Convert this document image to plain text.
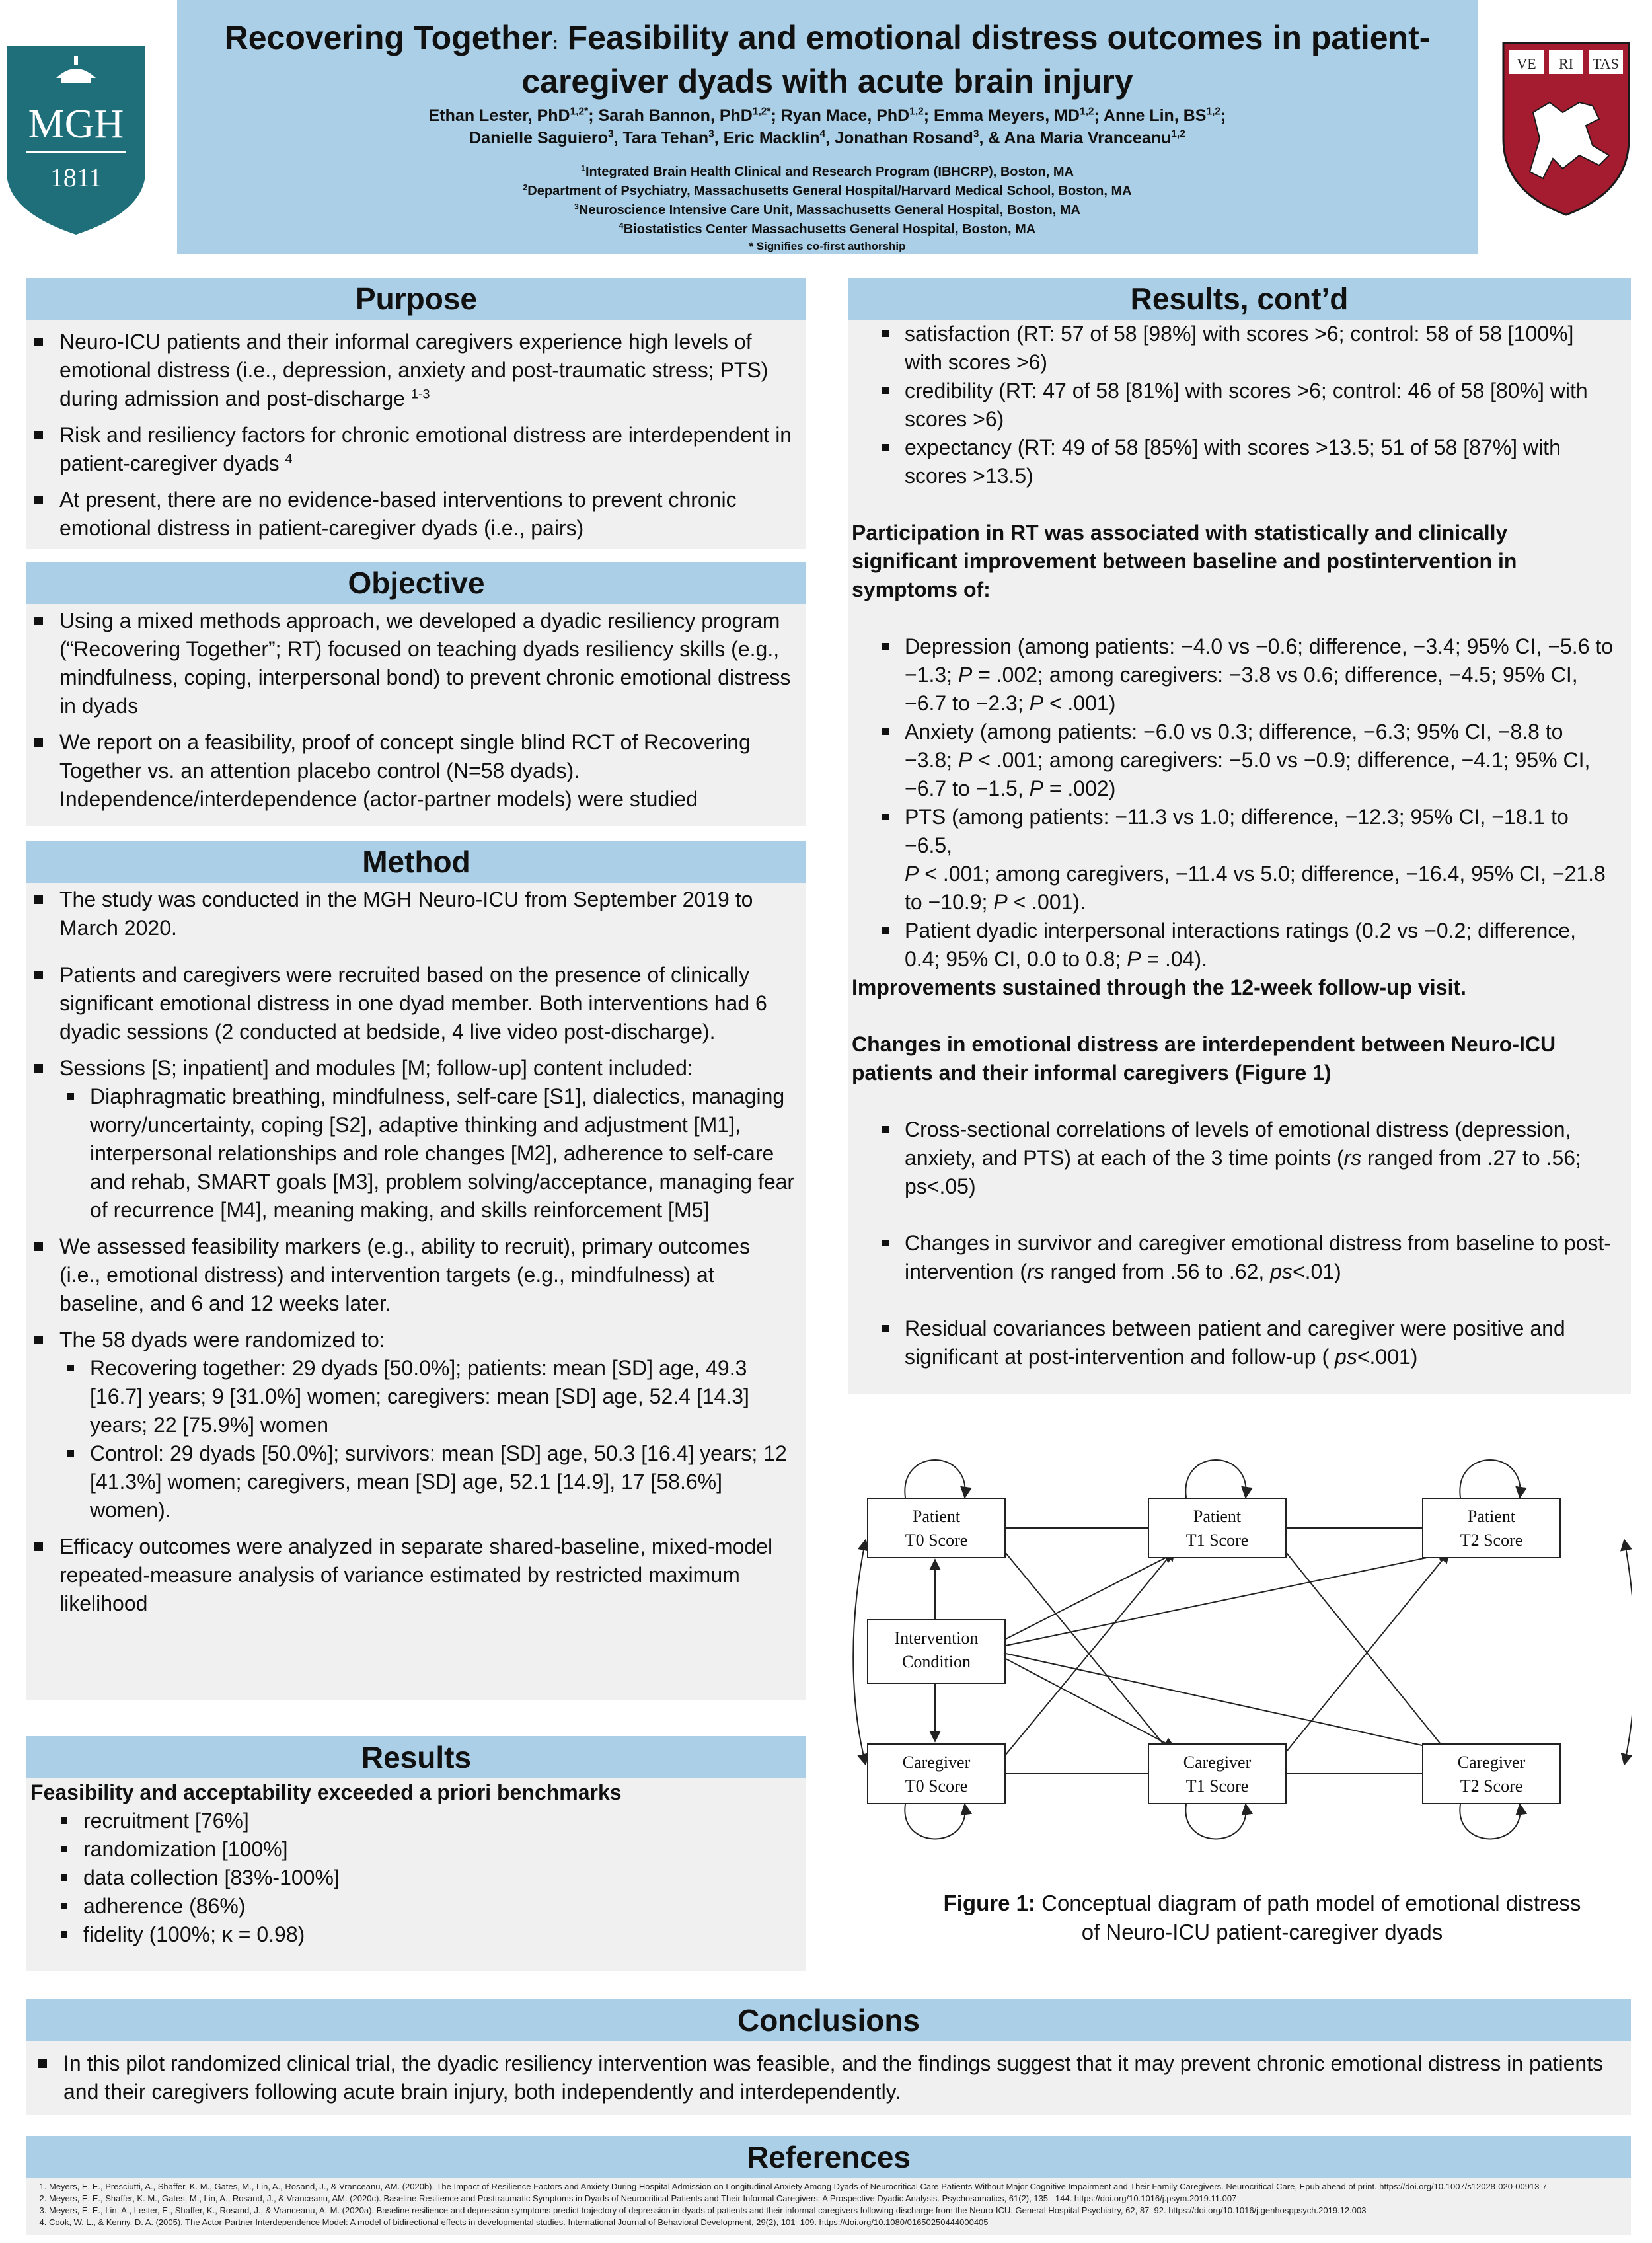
Recovering Together: Feasibility and emotional distress outcomes in patient-caregiver dyads with acute brain injury
Ethan Lester, PhD$^{1,2*}$; Sarah Bannon, PhD$^{1,2*}$; Ryan Mace, PhD$^{1,2}$; Emma Meyers, MD$^{1,2}$; Anne Lin, BS$^{1,2}$;
Danielle Saguiero$^3$, Tara Tehan$^3$, Eric Macklin$^4$, Jonathan Rosand$^3$, & Ana Maria Vranceanu$^{1,2}$
$^1$Integrated Brain Health Clinical and Research Program (IBHCRP), Boston, MA
$^2$Department of Psychiatry, Massachusetts General Hospital/Harvard Medical School, Boston, MA
$^3$Neuroscience Intensive Care Unit, Massachusetts General Hospital, Boston, MA
$^4$Biostatistics Center Massachusetts General Hospital, Boston, MA
* Signifies co-first authorship
MGH
1811
VE RI TAS
Purpose
Neuro-ICU patients and their informal caregivers experience high levels of emotional distress (i.e., depression, anxiety and post-traumatic stress; PTS) during admission and post-discharge $^{1-3}$
Risk and resiliency factors for chronic emotional distress are interdependent in patient-caregiver dyads $^4$
At present, there are no evidence-based interventions to prevent chronic emotional distress in patient-caregiver dyads (i.e., pairs)
Objective
Using a mixed methods approach, we developed a dyadic resiliency program (“Recovering Together”; RT) focused on teaching dyads resiliency skills (e.g., mindfulness, coping, interpersonal bond) to prevent chronic emotional distress in dyads
We report on a feasibility, proof of concept single blind RCT of Recovering Together vs. an attention placebo control (N=58 dyads). Independence/interdependence (actor-partner models) were studied
Method
The study was conducted in the MGH Neuro-ICU from September 2019 to March 2020.
Patients and caregivers were recruited based on the presence of clinically significant emotional distress in one dyad member. Both interventions had 6 dyadic sessions (2 conducted at bedside, 4 live video post-discharge).
Sessions [S; inpatient] and modules [M; follow-up] content included:
Diaphragmatic breathing, mindfulness, self-care [S1], dialectics, managing worry/uncertainty, coping [S2], adaptive thinking and adjustment [M1], interpersonal relationships and role changes [M2], adherence to self-care and rehab, SMART goals [M3], problem solving/acceptance, managing fear of recurrence [M4], meaning making, and skills reinforcement [M5]
We assessed feasibility markers (e.g., ability to recruit), primary outcomes (i.e., emotional distress) and intervention targets (e.g., mindfulness) at baseline, and 6 and 12 weeks later.
The 58 dyads were randomized to:
Recovering together: 29 dyads [50.0%]; patients: mean [SD] age, 49.3 [16.7] years; 9 [31.0%] women; caregivers: mean [SD] age, 52.4 [14.3] years; 22 [75.9%] women
Control: 29 dyads [50.0%]; survivors: mean [SD] age, 50.3 [16.4] years; 12 [41.3%] women; caregivers, mean [SD] age, 52.1 [14.9], 17 [58.6%] women).
Efficacy outcomes were analyzed in separate shared-baseline, mixed-model repeated-measure analysis of variance estimated by restricted maximum likelihood
Results
Feasibility and acceptability exceeded a priori benchmarks
recruitment [76%]
randomization [100%]
data collection [83%-100%]
adherence (86%)
fidelity (100%; κ = 0.98)
Results, cont’d
satisfaction (RT: 57 of 58 [98%] with scores >6; control: 58 of 58 [100%] with scores >6)
credibility (RT: 47 of 58 [81%] with scores >6; control: 46 of 58 [80%] with scores >6)
expectancy (RT: 49 of 58 [85%] with scores >13.5; 51 of 58 [87%] with scores >13.5)
Participation in RT was associated with statistically and clinically significant improvement between baseline and postintervention in symptoms of:
Depression (among patients: −4.0 vs −0.6; difference, −3.4; 95% CI, −5.6 to −1.3; P = .002; among caregivers: −3.8 vs 0.6; difference, −4.5; 95% CI, −6.7 to −2.3; P < .001)
Anxiety (among patients: −6.0 vs 0.3; difference, −6.3; 95% CI, −8.8 to −3.8; P < .001; among caregivers: −5.0 vs −0.9; difference, −4.1; 95% CI, −6.7 to −1.5, P = .002)
PTS (among patients: −11.3 vs 1.0; difference, −12.3; 95% CI, −18.1 to −6.5,
P < .001; among caregivers, −11.4 vs 5.0; difference, −16.4, 95% CI, −21.8 to −10.9; P < .001).
Patient dyadic interpersonal interactions ratings (0.2 vs −0.2; difference, 0.4; 95% CI, 0.0 to 0.8; P = .04).
Improvements sustained through the 12-week follow-up visit.
Changes in emotional distress are interdependent between Neuro-ICU patients and their informal caregivers (Figure 1)
Cross-sectional correlations of levels of emotional distress (depression, anxiety, and PTS) at each of the 3 time points (rs ranged from .27 to .56; ps<.05)
Changes in survivor and caregiver emotional distress from baseline to post-intervention (rs ranged from .56 to .62, ps<.01)
Residual covariances between patient and caregiver were positive and significant at post-intervention and follow-up ( ps<.001)
Patient
T0 Score
Patient
T1 Score
Patient
T2 Score
Intervention
Condition
Caregiver
T0 Score
Caregiver
T1 Score
Caregiver
T2 Score
Figure 1: Conceptual diagram of path model of emotional distress of Neuro-ICU patient-caregiver dyads
Conclusions
In this pilot randomized clinical trial, the dyadic resiliency intervention was feasible, and the findings suggest that it may prevent chronic emotional distress in patients and their caregivers following acute brain injury, both independently and interdependently.
References
1. Meyers, E. E., Presciutti, A., Shaffer, K. M., Gates, M., Lin, A., Rosand, J., & Vranceanu, AM. (2020b). The Impact of Resilience Factors and Anxiety During Hospital Admission on Longitudinal Anxiety Among Dyads of Neurocritical Care Patients Without Major Cognitive Impairment and Their Family Caregivers. Neurocritical Care, Epub ahead of print. https://doi.org/10.1007/s12028-020-00913-7
2. Meyers, E. E., Shaffer, K. M., Gates, M., Lin, A., Rosand, J., & Vranceanu, AM. (2020c). Baseline Resilience and Posttraumatic Symptoms in Dyads of Neurocritical Patients and Their Informal Caregivers: A Prospective Dyadic Analysis. Psychosomatics, 61(2), 135– 144. https://doi.org/10.1016/j.psym.2019.11.007
3. Meyers, E. E., Lin, A., Lester, E., Shaffer, K., Rosand, J., & Vranceanu, A.-M. (2020a). Baseline resilience and depression symptoms predict trajectory of depression in dyads of patients and their informal caregivers following discharge from the Neuro-ICU. General Hospital Psychiatry, 62, 87–92. https://doi.org/10.1016/j.genhosppsych.2019.12.003
4. Cook, W. L., & Kenny, D. A. (2005). The Actor-Partner Interdependence Model: A model of bidirectional effects in developmental studies. International Journal of Behavioral Development, 29(2), 101–109. https://doi.org/10.1080/01650250444000405
